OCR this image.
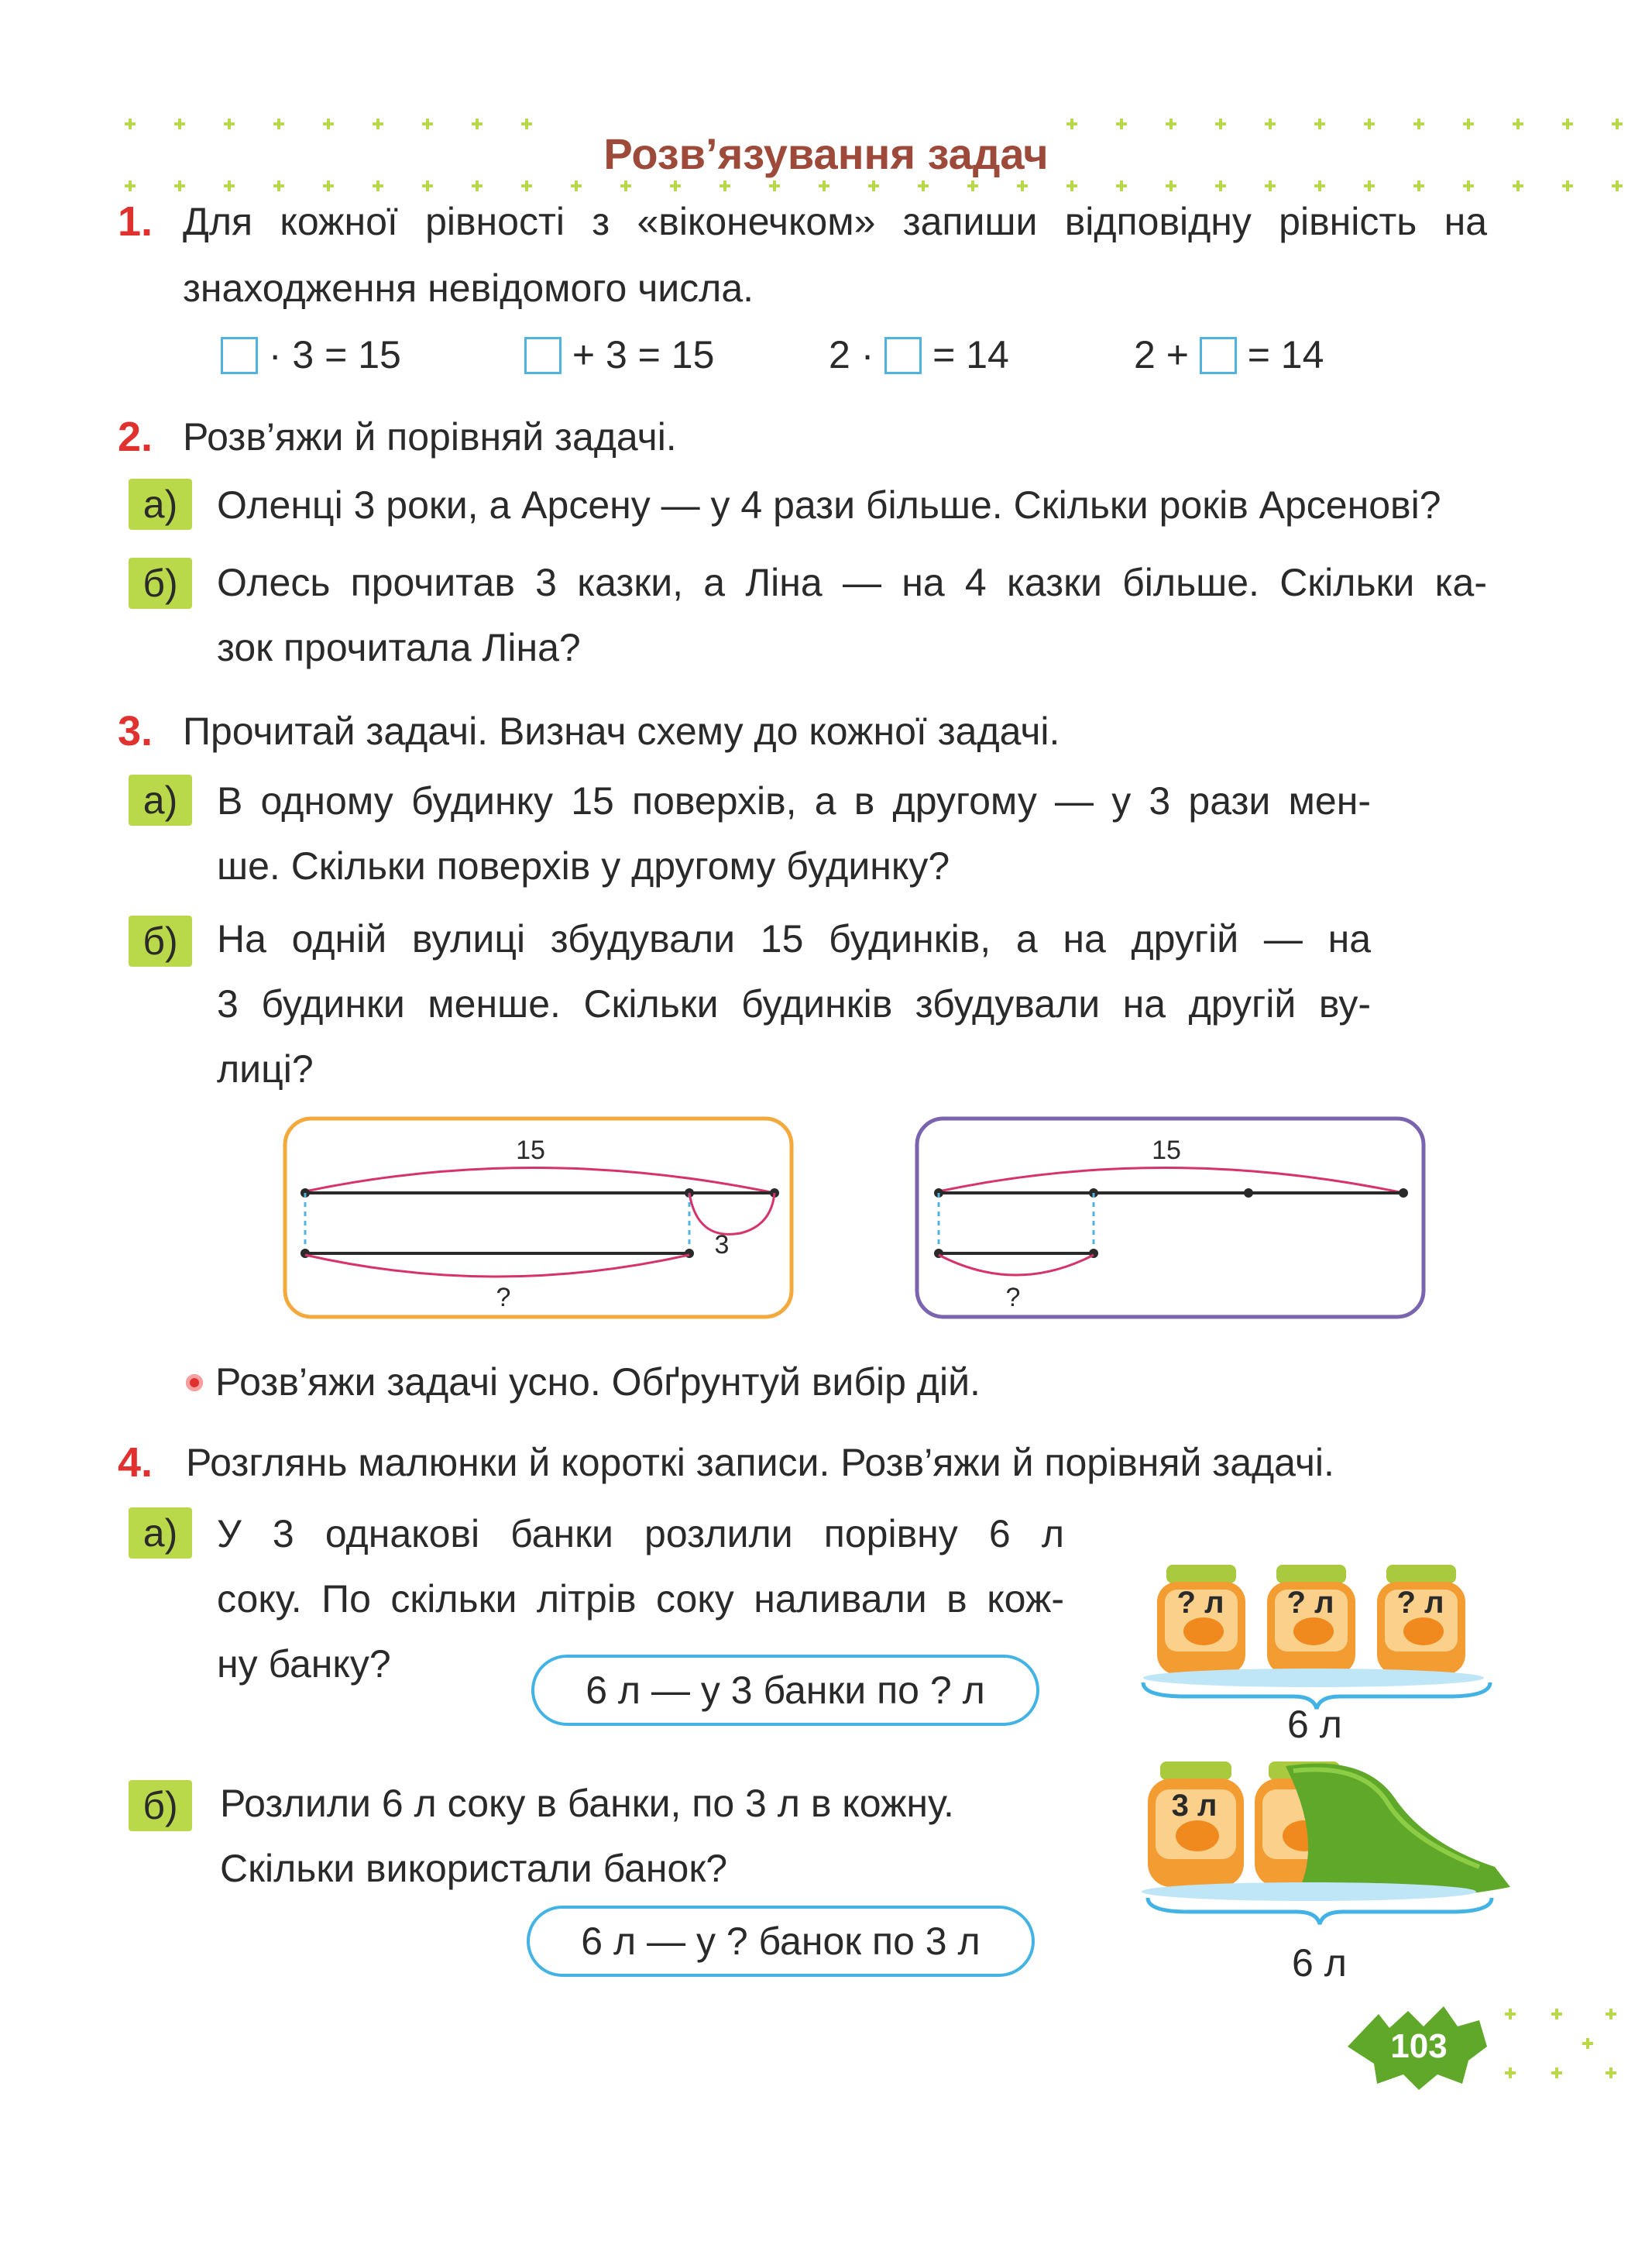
Розв’язування задач
1. Для кожної рівності з «віконечком» запиши відповідну рівність на
знаходження невідомого числа.
· 3 = 15	+ 3 = 15	2 ·  = 14	2 +  = 14
2. Розв’яжи й порівняй задачі.
а)	Оленці 3 роки, а Арсену — у 4 рази більше. Скільки років Арсенові?
б)	Олесь прочитав 3 казки, а Ліна — на 4 казки більше. Скільки ка-
зок прочитала Ліна?
3. Прочитай задачі. Визнач схему до кожної задачі.
а)	В одному будинку 15 поверхів, а в другому — у 3 рази мен-
ше. Скільки поверхів у другому будинку?
б)	На одній вулиці збудували 15 будинків, а на другій — на
3 будинки менше. Скільки будинків збудували на другій ву-
лиці?
15
3
?
15
?
Розв’яжи задачі усно. Обґрунтуй вибір дій.
4. Розглянь малюнки й короткі записи. Розв’яжи й порівняй задачі.
а)	У 3 однакові банки розлили порівну 6 л
соку. По скільки літрів соку наливали в кож-
ну банку?
6 л — у 3 банки по ? л
? л ? л ? л
6 л
б)	Розлили 6 л соку в банки, по 3 л в кожну.
Скільки використали банок?
6 л — у ? банок по 3 л
3 л
6 л
103
